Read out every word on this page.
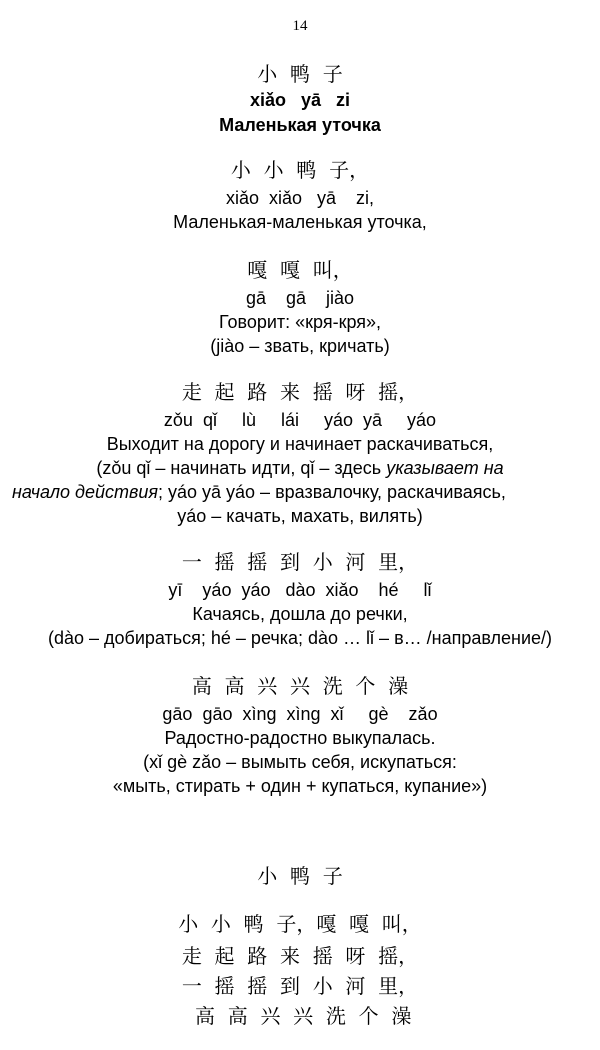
14
小  鸭  子
xiǎo   yā   zi
Маленькая уточка
小  小  鸭  子，
xiǎo  xiǎo   yā    zi,
Маленькая-маленькая уточка,
嘎  嘎  叫，
gā    gā    jiào
Говорит: «кря-кря»,
(jiào – звать, кричать)
走  起  路  来  摇  呀  摇，
zǒu  qǐ     lù     lái     yáo  yā     yáo
Выходит на дорогу и начинает раскачиваться,
(zǒu qǐ – начинать идти, qǐ – здесь указывает на
начало действия; yáo yā yáo – вразвалочку, раскачиваясь,
yáo – качать, махать, вилять)
一  摇  摇  到  小  河  里，
yī    yáo  yáo   dào  xiǎo    hé     lǐ
Качаясь, дошла до речки,
(dào – добираться; hé – речка; dào … lǐ – в… /направление/)
高  高  兴  兴  洗  个  澡
gāo  gāo  xìng  xìng  xǐ     gè    zǎo
Радостно-радостно выкупалась.
(xǐ gè zǎo – вымыть себя, искупаться:
«мыть, стирать + один + купаться, купание»)
小  鸭  子
小  小  鸭  子，嘎  嘎  叫，
走  起  路  来  摇  呀  摇，
一  摇  摇  到  小  河  里，
高  高  兴  兴  洗  个  澡
